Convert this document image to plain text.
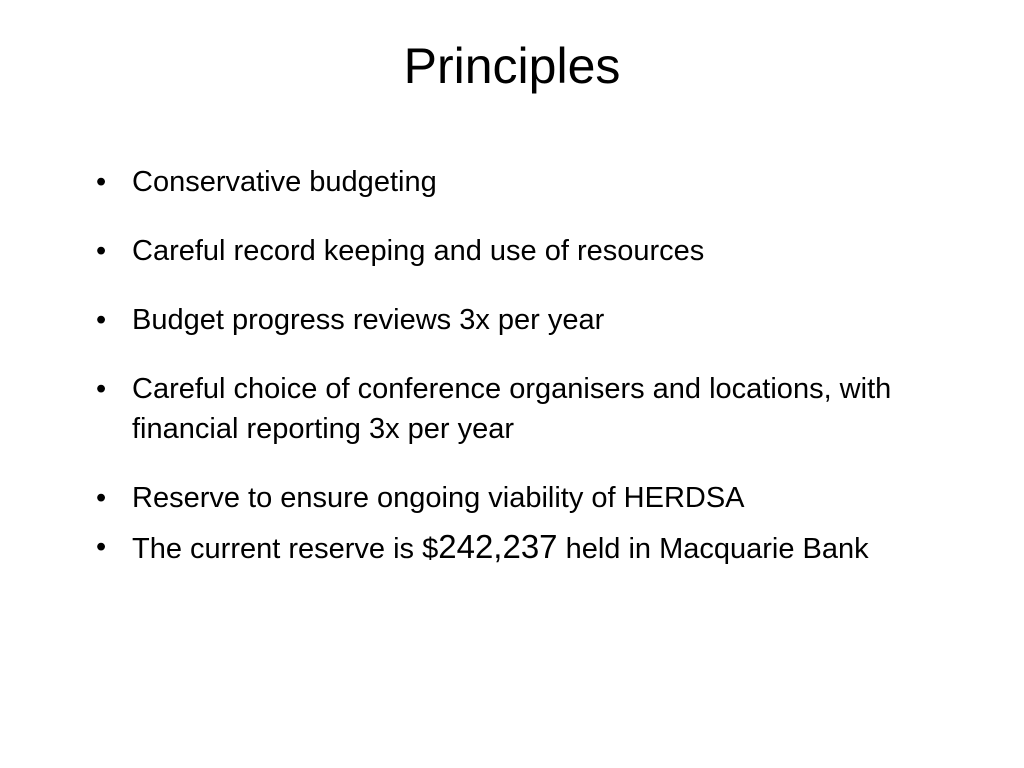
Principles
• Conservative budgeting
• Careful record keeping and use of resources
• Budget progress reviews 3x per year
• Careful choice of conference organisers and locations, with financial reporting 3x per year
• Reserve to ensure ongoing viability of HERDSA
• The current reserve is $242,237 held in Macquarie Bank
